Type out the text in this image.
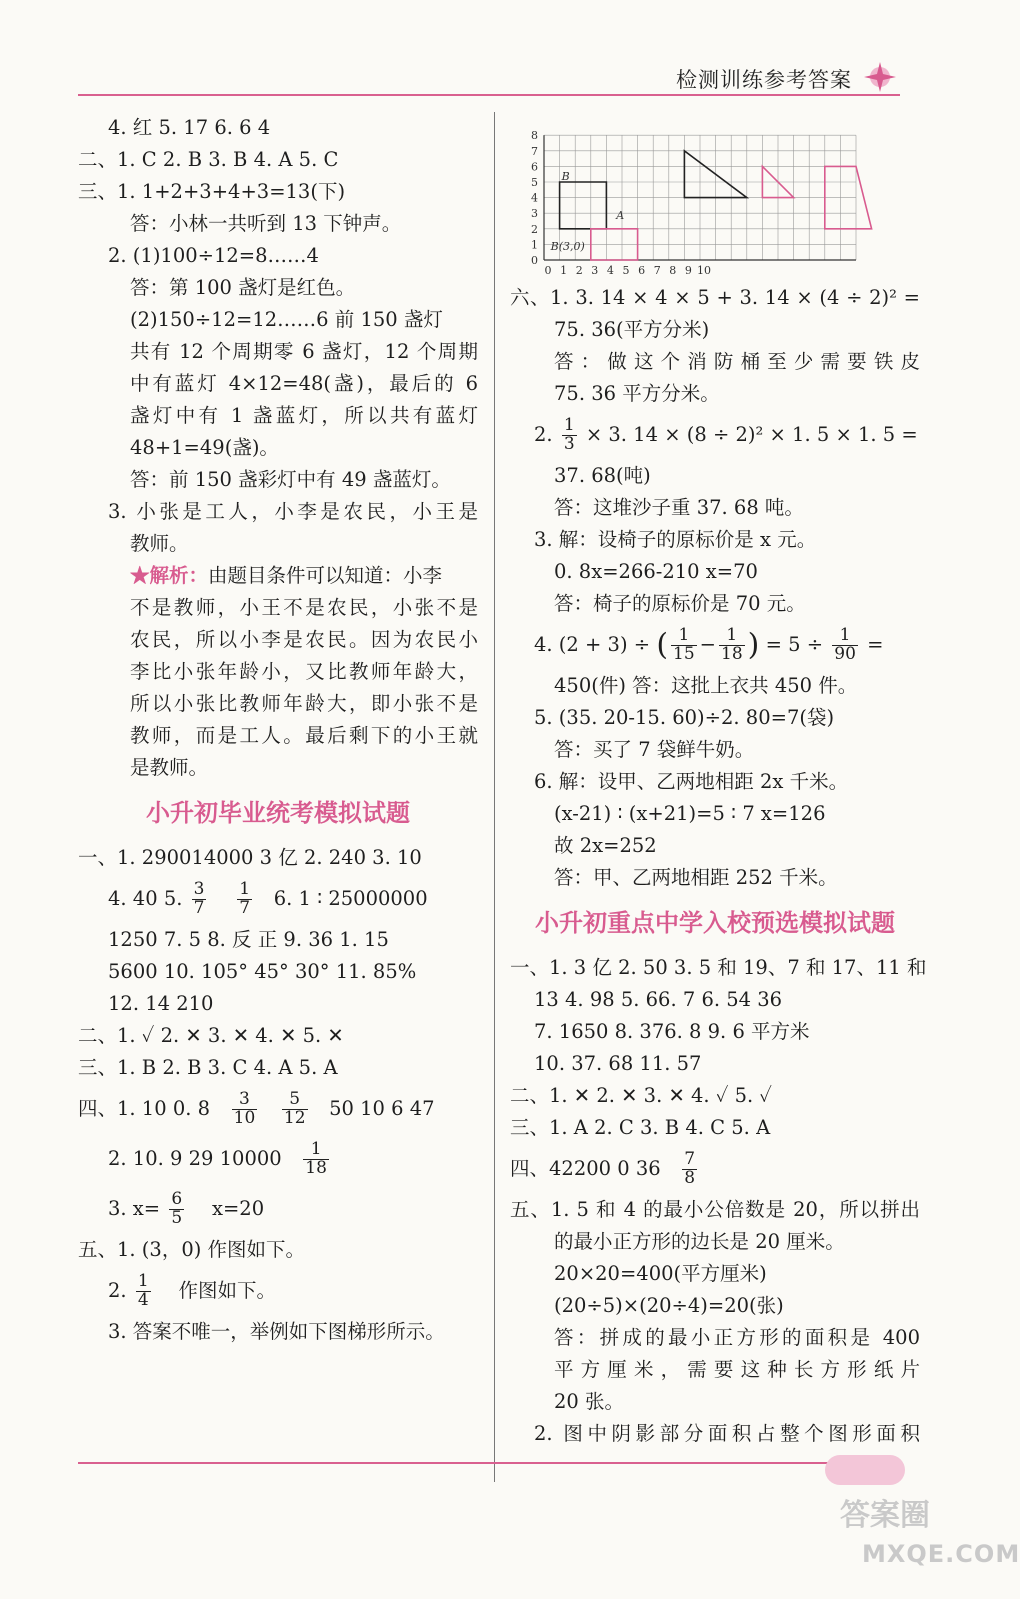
检测训练参考答案
4. 红 5. 17 6. 6 4
二、1. C 2. B 3. B 4. A 5. C
三、1. 1+2+3+4+3=13(下)
答：小林一共听到 13 下钟声。
2. (1)100÷12=8……4
答：第 100 盏灯是红色。
(2)150÷12=12……6 前 150 盏灯
共有 12 个周期零 6 盏灯，12 个周期
中有蓝灯 4×12=48(盏)，最后的 6
盏灯中有 1 盏蓝灯，所以共有蓝灯
48+1=49(盏)。
答：前 150 盏彩灯中有 49 盏蓝灯。
3. 小张是工人，小李是农民，小王是
教师。
★解析：由题目条件可以知道：小李
不是教师，小王不是农民，小张不是
农民，所以小李是农民。因为农民小
李比小张年龄小，又比教师年龄大，
所以小张比教师年龄大，即小张不是
教师，而是工人。最后剩下的小王就
是教师。
小升初毕业统考模拟试题
一、1. 290014000 3 亿 2. 240 3. 10
4. 40 5. $\frac{3}{7}$
$\frac{1}{7} 6$. 1 ∶ 25000000
1250 7. 5 8. 反 正 9. 36 1. 15
5600 10. 105° 45° 30° 11. 85%
12. 14 210
二、1. ✓ 2. ✕ 3. ✕ 4. ✕ 5. ✕
三、1. B 2. B 3. C 4. A 5. A
四、1. 10 0. $8 \frac{3}{10}$
$\frac{5}{12} 50$ 10 6 47
2. 10. 9 29 $10000 \frac{1}{18}$
3. $x= \frac{6}{5} x=20$
五、1. (3，0) 作图如下。
2. $\frac{1}{4}$ 作图如下。
3. 答案不唯一，举例如下图梯形所示。
0 1 2 3 4 5 6 7 8 9 10
0
1
2
3
4
5
6
7
8
B
A
B(3,0)
六、1. 3. 14 × 4 × 5 + 3. 14 × (4 ÷ 2)² =
75. 36(平方分米)
答：做这个消防桶至少需要铁皮
75. 36 平方分米。
2. $\frac{1}{3} \times 3$. 14 × (8 ÷ 2)² × 1. 5 × 1. 5 =
37. 68(吨)
答：这堆沙子重 37. 68 吨。
3. 解：设椅子的原标价是 x 元。
0. 8x=266-210 x=70
答：椅子的原标价是 70 元。
4. (2 + 3) ÷ ( $\frac{1}{15} - \frac{1}{18}$ ) = $5 \div \frac{1}{90}$ =
450(件) 答：这批上衣共 450 件。
5. (35. 20-15. 60)÷2. 80=7(袋)
答：买了 7 袋鲜牛奶。
6. 解：设甲、乙两地相距 2x 千米。
(x-21) ∶ (x+21)=5 ∶ 7 x=126
故 2x=252
答：甲、乙两地相距 252 千米。
小升初重点中学入校预选模拟试题
一、1. 3 亿 2. 50 3. 5 和 19、7 和 17、11 和
13 4. 98 5. 66. 7 6. 54 36
7. 1650 8. 376. 8 9. 6 平方米
10. 37. 68 11. 57
二、1. ✕ 2. ✕ 3. ✕ 4. ✓ 5. ✓
三、1. A 2. C 3. B 4. C 5. A
四、42200 0 $36 \frac{7}{8}$
五、1. 5 和 4 的最小公倍数是 20，所以拼出
的最小正方形的边长是 20 厘米。
20×20=400(平方厘米)
(20÷5)×(20÷4)=20(张)
答：拼成的最小正方形的面积是 400
平方厘米，需要这种长方形纸片
20 张。
2. 图中阴影部分面积占整个图形面积
答案圈
MXQE.COM
